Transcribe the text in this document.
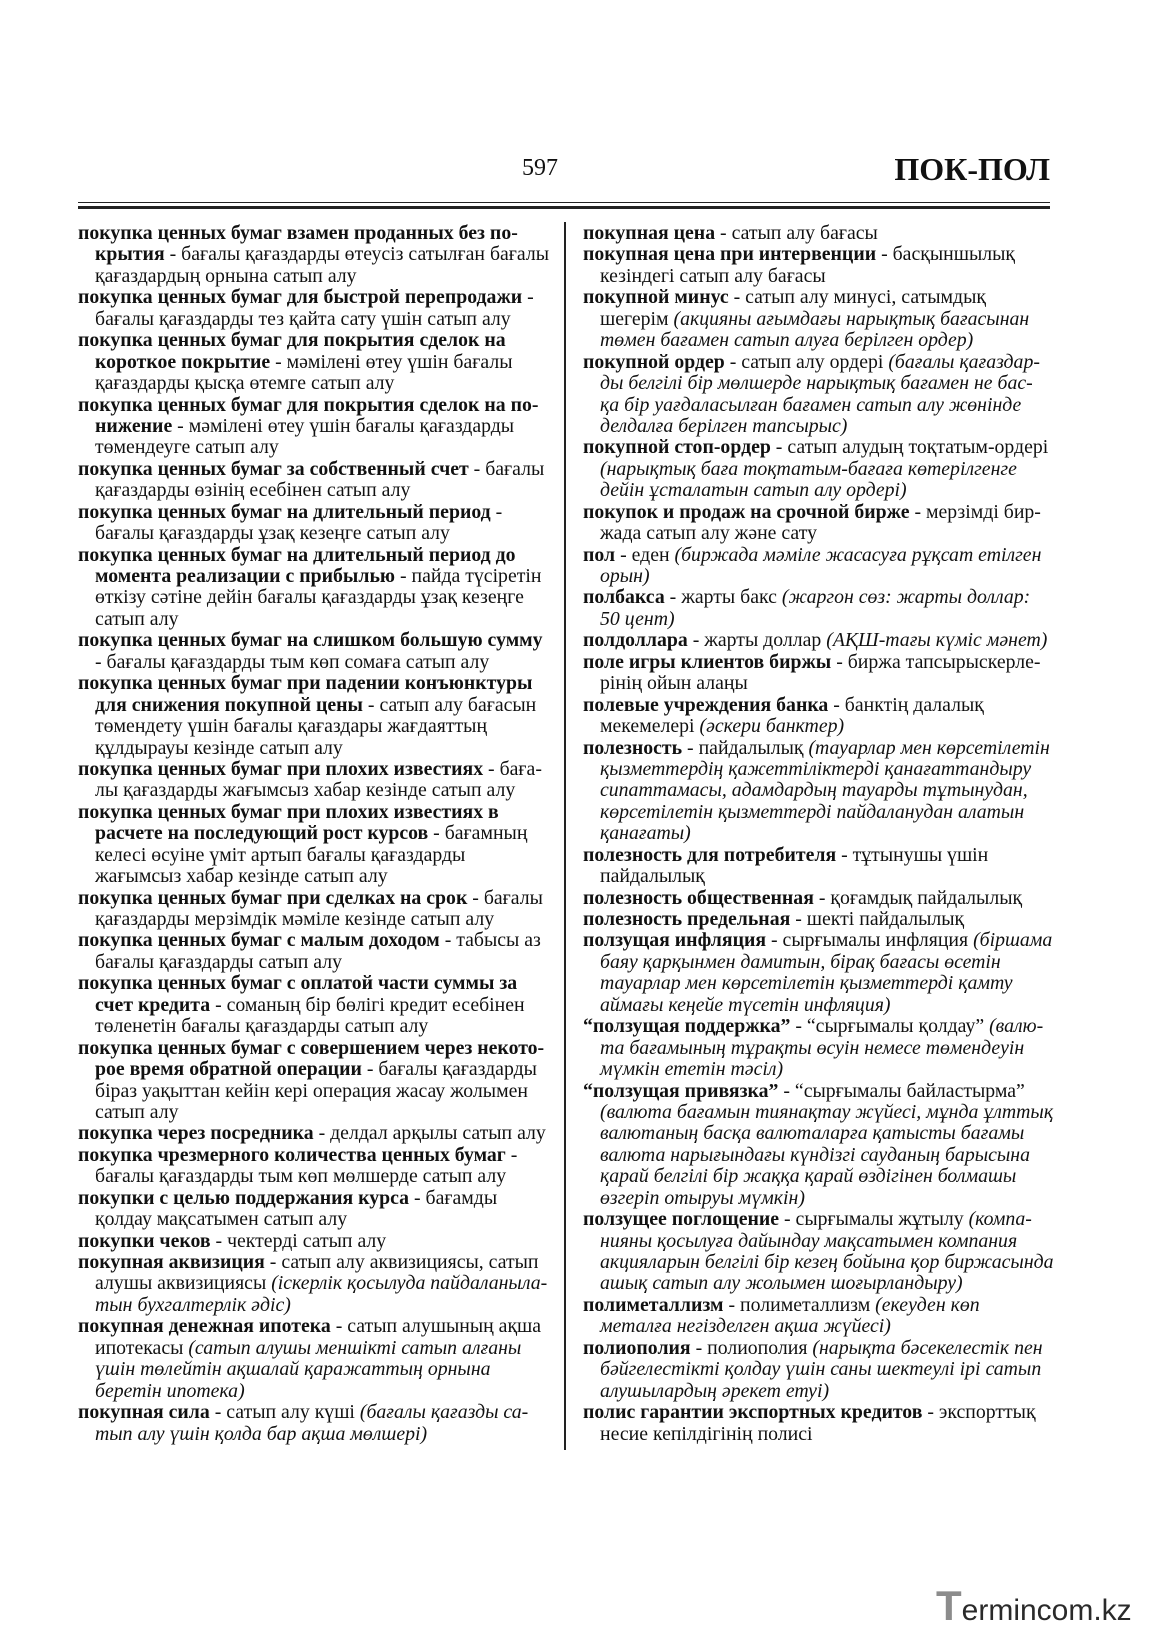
597	ПОК-ПОЛ
покупка ценных бумаг взамен проданных без по-
крытия - бағалы қағаздарды өтеусіз сатылған бағалы
қағаздардың орнына сатып алу
покупка ценных бумаг для быстрой перепродажи -
бағалы қағаздарды тез қайта сату үшін сатып алу
покупка ценных бумаг для покрытия сделок на
короткое покрытие - мәмілені өтеу үшін бағалы
қағаздарды қысқа өтемге сатып алу
покупка ценных бумаг для покрытия сделок на по-
нижение - мәмілені өтеу үшін бағалы қағаздарды
төмендеуге сатып алу
покупка ценных бумаг за собственный счет - бағалы
қағаздарды өзінің есебінен сатып алу
покупка ценных бумаг на длительный период -
бағалы қағаздарды ұзақ кезеңге сатып алу
покупка ценных бумаг на длительный период до
момента реализации с прибылью - пайда түсіретін
өткізу сәтіне дейін бағалы қағаздарды ұзақ кезеңге
сатып алу
покупка ценных бумаг на слишком большую сумму
- бағалы қағаздарды тым көп сомаға сатып алу
покупка ценных бумаг при падении конъюнктуры
для снижения покупной цены - сатып алу бағасын
төмендету үшін бағалы қағаздары жағдаяттың
құлдырауы кезінде сатып алу
покупка ценных бумаг при плохих известиях - баға-
лы қағаздарды жағымсыз хабар кезінде сатып алу
покупка ценных бумаг при плохих известиях в
расчете на последующий рост курсов - бағамның
келесі өсуіне үміт артып бағалы қағаздарды
жағымсыз хабар кезінде сатып алу
покупка ценных бумаг при сделках на срок - бағалы
қағаздарды мерзімдік мәміле кезінде сатып алу
покупка ценных бумаг с малым доходом - табысы аз
бағалы қағаздарды сатып алу
покупка ценных бумаг с оплатой части суммы за
счет кредита - соманың бір бөлігі кредит есебінен
төленетін бағалы қағаздарды сатып алу
покупка ценных бумаг с совершением через некото-
рое время обратной операции - бағалы қағаздарды
біраз уақыттан кейін кері операция жасау жолымен
сатып алу
покупка через посредника - делдал арқылы сатып алу
покупка чрезмерного количества ценных бумаг -
бағалы қағаздарды тым көп мөлшерде сатып алу
покупки с целью поддержания курса - бағамды
қолдау мақсатымен сатып алу
покупки чеков - чектерді сатып алу
покупная аквизиция - сатып алу аквизициясы, сатып
алушы аквизициясы (іскерлік қосылуда пайдаланыла-
тын бухгалтерлік әдіс)
покупная денежная ипотека - сатып алушының ақша
ипотекасы (сатып алушы меншікті сатып алғаны
үшін төлейтін ақшалай қаражаттың орнына
беретін ипотека)
покупная сила - сатып алу күші (бағалы қағазды са-
тып алу үшін қолда бар ақша мөлшері)
покупная цена - сатып алу бағасы
покупная цена при интервенции - басқыншылық
кезіндегі сатып алу бағасы
покупной минус - сатып алу минусі, сатымдық
шегерім (акцияны ағымдағы нарықтық бағасынан
төмен бағамен сатып алуға берілген ордер)
покупной ордер - сатып алу ордері (бағалы қағаздар-
ды белгілі бір мөлшерде нарықтық бағамен не бас-
қа бір уағдаласылған бағамен сатып алу жөнінде
делдалға берілген тапсырыс)
покупной стоп-ордер - сатып алудың тоқтатым-ордері
(нарықтық баға тоқтатым-бағаға көтерілгенге
дейін ұсталатын сатып алу ордері)
покупок и продаж на срочной бирже - мерзімді бир-
жада сатып алу және сату
пол - еден (биржада мәміле жасасуға рұқсат етілген
орын)
полбакса - жарты бакс (жаргон сөз: жарты доллар:
50 цент)
полдоллара - жарты доллар (АҚШ-тағы күміс мәнет)
поле игры клиентов биржы - биржа тапсырыскерле-
рінің ойын алаңы
полевые учреждения банка - банктің далалық
мекемелері (әскери банктер)
полезность - пайдалылық (тауарлар мен көрсетілетін
қызметтердің қажеттіліктерді қанағаттандыру
сипаттамасы, адамдардың тауарды тұтынудан,
көрсетілетін қызметтерді пайдаланудан алатын
қанағаты)
полезность для потребителя - тұтынушы үшін
пайдалылық
полезность общественная - қоғамдық пайдалылық
полезность предельная - шекті пайдалылық
ползущая инфляция - сырғымалы инфляция (біршама
баяу қарқынмен дамитын, бірақ бағасы өсетін
тауарлар мен көрсетілетін қызметтерді қамту
аймағы кеңейе түсетін инфляция)
“ползущая поддержка” - “сырғымалы қолдау” (валю-
та бағамының тұрақты өсуін немесе төмендеуін
мүмкін ететін тәсіл)
“ползущая привязка” - “сырғымалы байластырма”
(валюта бағамын тиянақтау жүйесі, мұнда ұлттық
валютаның басқа валюталарға қатысты бағамы
валюта нарығындағы күндізгі сауданың барысына
қарай белгілі бір жаққа қарай өздігінен болмашы
өзгеріп отыруы мүмкін)
ползущее поглощение - сырғымалы жұтылу (компа-
нияны қосылуға дайындау мақсатымен компания
акцияларын белгілі бір кезең бойына қор биржасында
ашық сатып алу жолымен шоғырландыру)
полиметаллизм - полиметаллизм (екеуден көп
металға негізделген ақша жүйесі)
полиополия - полиополия (нарықта бәсекелестік пен
бәйгелестікті қолдау үшін саны шектеулі ірі сатып
алушылардың әрекет етуі)
полис гарантии экспортных кредитов - экспорттық
несие кепілдігінің полисі
Termincom.kz
